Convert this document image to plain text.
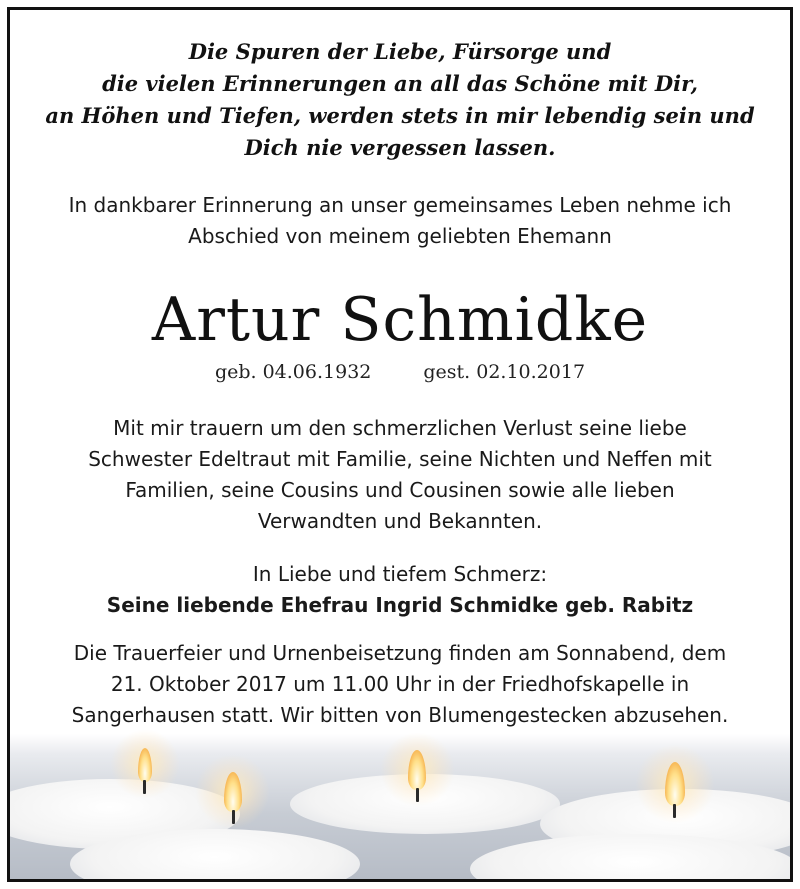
Die Spuren der Liebe, Fürsorge und
die vielen Erinnerungen an all das Schöne mit Dir,
an Höhen und Tiefen, werden stets in mir lebendig sein und
Dich nie vergessen lassen.
In dankbarer Erinnerung an unser gemeinsames Leben nehme ich
Abschied von meinem geliebten Ehemann
Artur Schmidke
geb. 04.06.1932	gest. 02.10.2017
Mit mir trauern um den schmerzlichen Verlust seine liebe
Schwester Edeltraut mit Familie, seine Nichten und Neffen mit
Familien, seine Cousins und Cousinen sowie alle lieben
Verwandten und Bekannten.
In Liebe und tiefem Schmerz:
Seine liebende Ehefrau Ingrid Schmidke geb. Rabitz
Die Trauerfeier und Urnenbeisetzung finden am Sonnabend, dem
21. Oktober 2017 um 11.00 Uhr in der Friedhofskapelle in
Sangerhausen statt. Wir bitten von Blumengestecken abzusehen.
